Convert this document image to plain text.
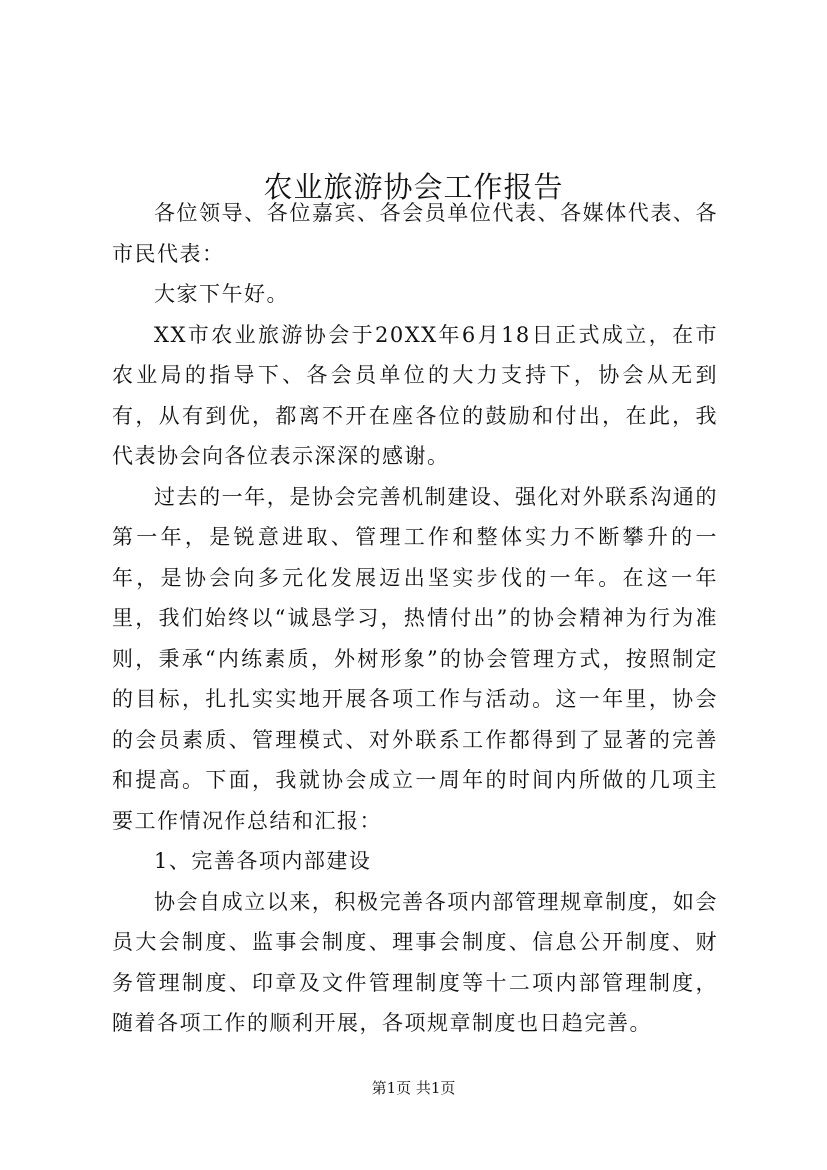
农业旅游协会工作报告

各位领导、各位嘉宾、各会员单位代表、各媒体代表、各市民代表：

大家下午好。

XX市农业旅游协会于20XX年6月18日正式成立，在市农业局的指导下、各会员单位的大力支持下，协会从无到有，从有到优，都离不开在座各位的鼓励和付出，在此，我代表协会向各位表示深深的感谢。

过去的一年，是协会完善机制建设、强化对外联系沟通的第一年，是锐意进取、管理工作和整体实力不断攀升的一年，是协会向多元化发展迈出坚实步伐的一年。在这一年里，我们始终以“诚恳学习，热情付出”的协会精神为行为准则，秉承“内练素质，外树形象”的协会管理方式，按照制定的目标，扎扎实实地开展各项工作与活动。这一年里，协会的会员素质、管理模式、对外联系工作都得到了显著的完善和提高。下面，我就协会成立一周年的时间内所做的几项主要工作情况作总结和汇报：

1、完善各项内部建设

协会自成立以来，积极完善各项内部管理规章制度，如会员大会制度、监事会制度、理事会制度、信息公开制度、财务管理制度、印章及文件管理制度等十二项内部管理制度，随着各项工作的顺利开展，各项规章制度也日趋完善。

第1页 共1页
